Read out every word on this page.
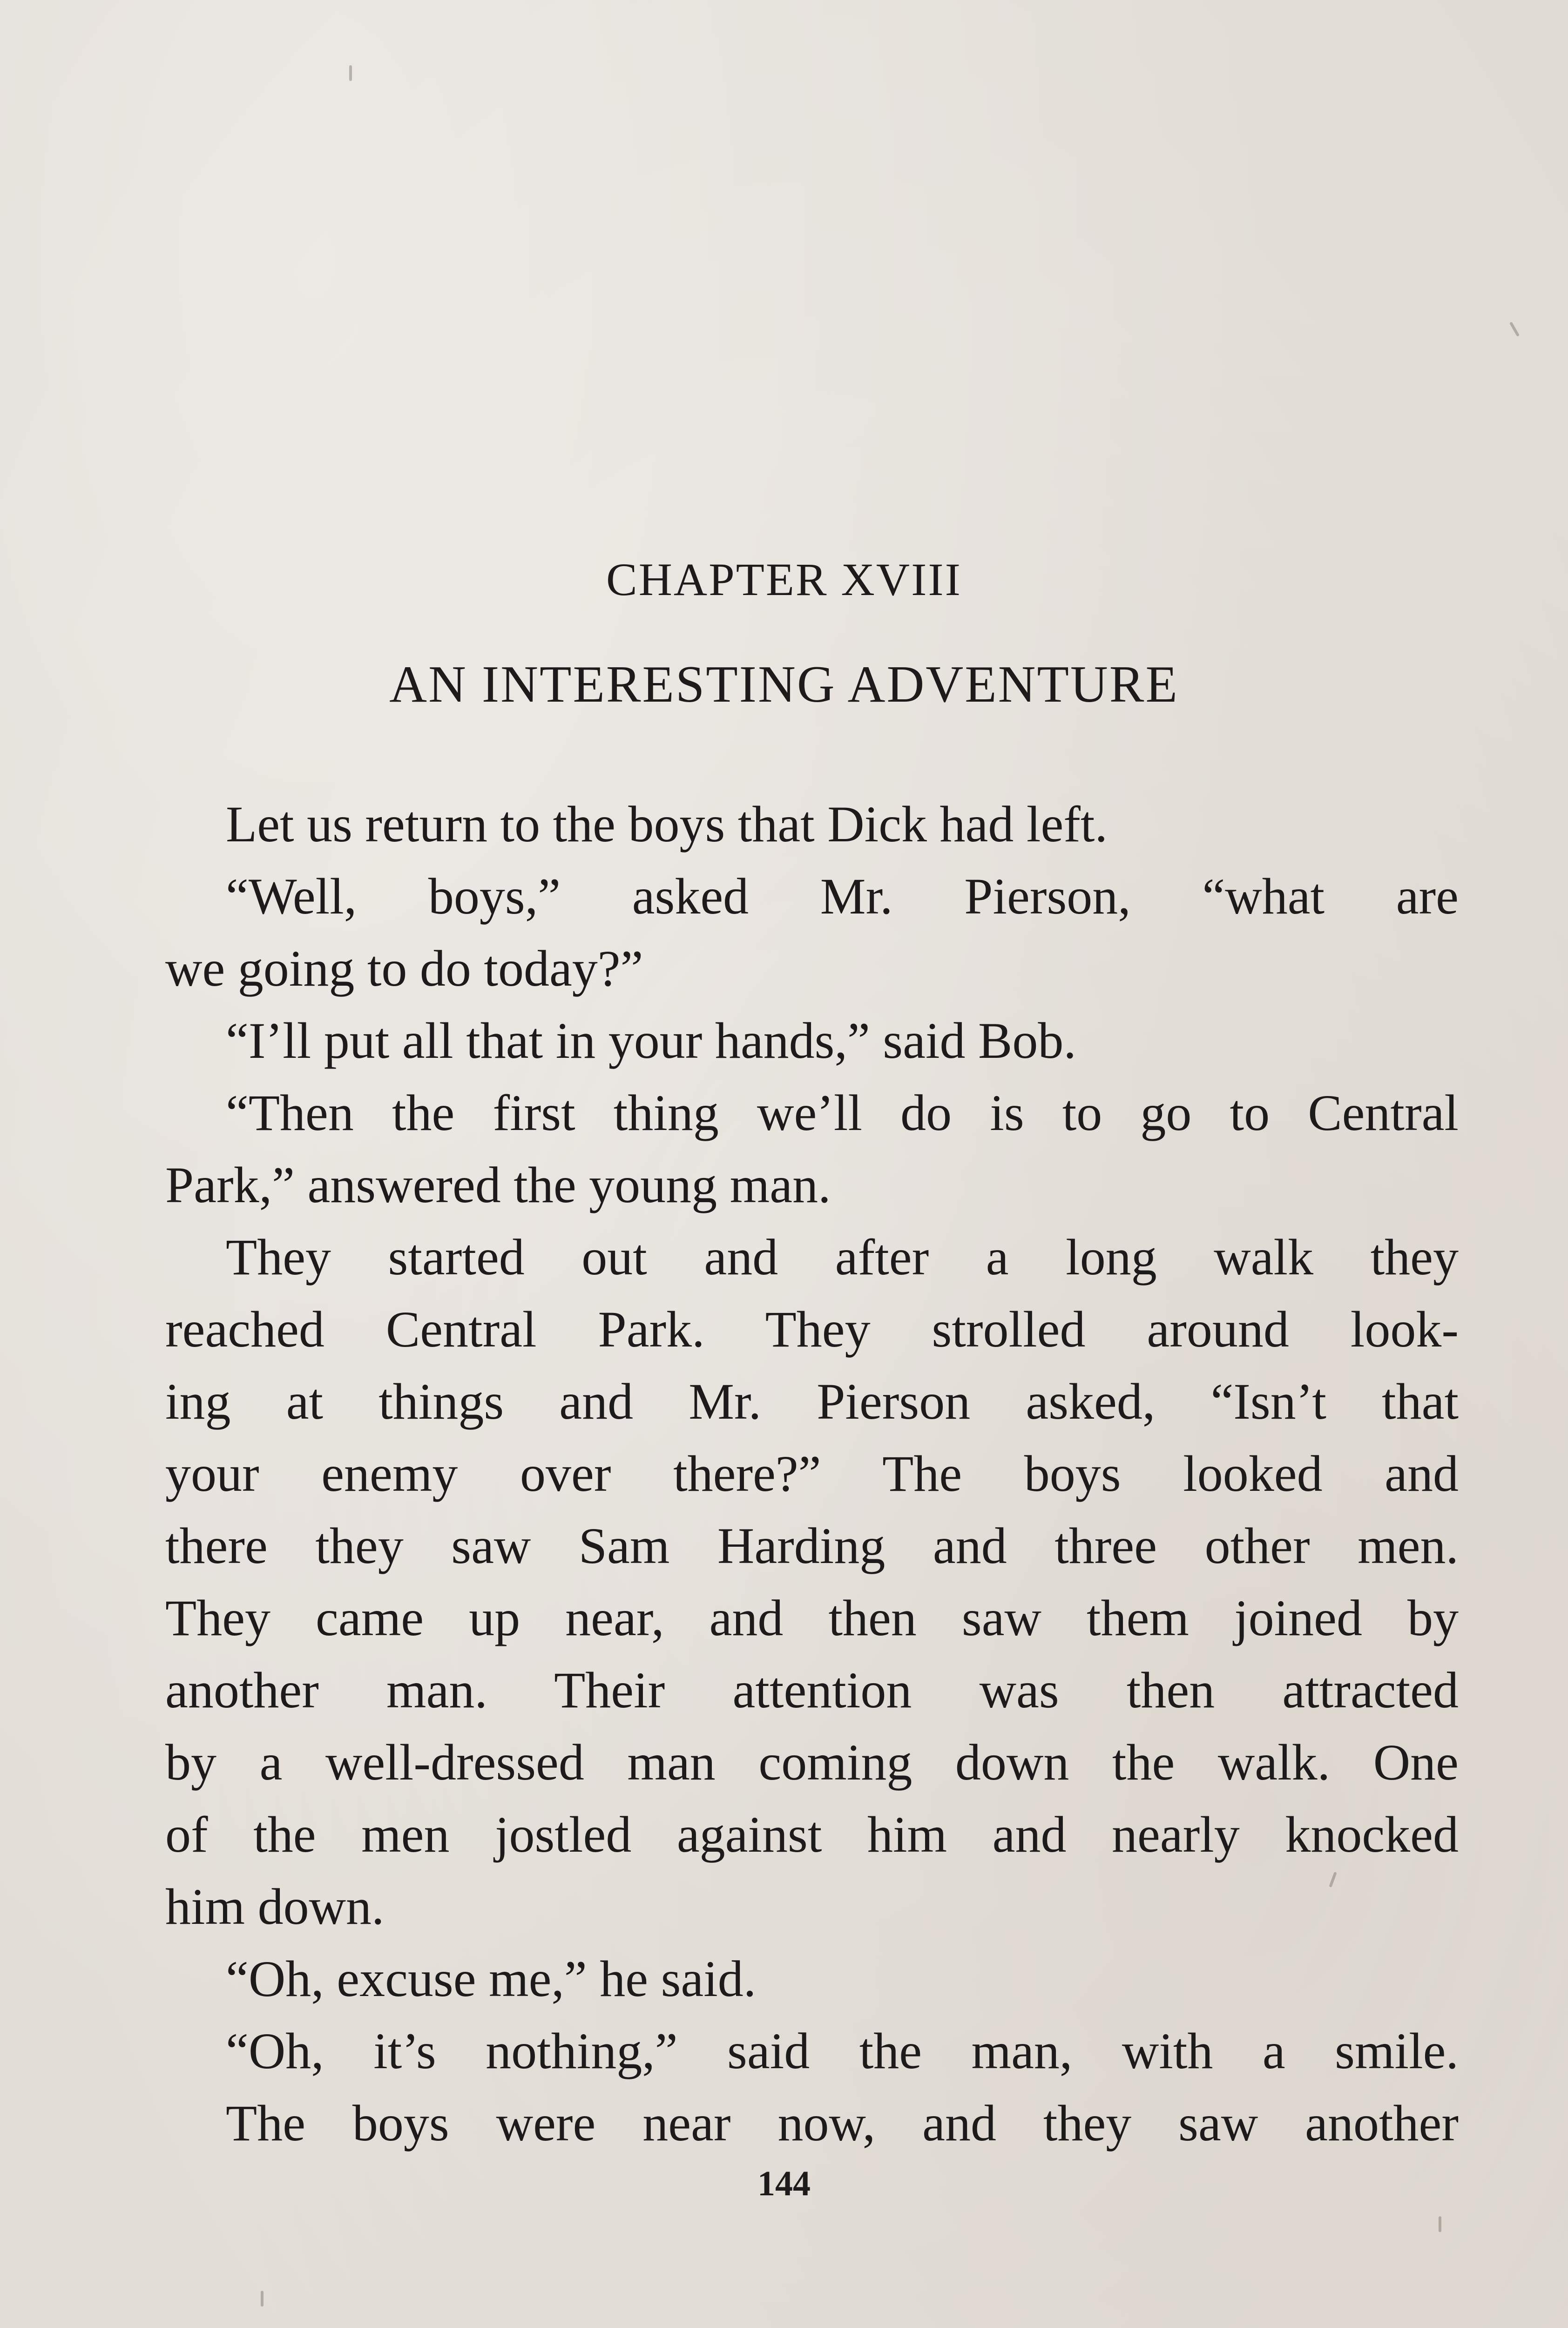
CHAPTER XVIII
AN INTERESTING ADVENTURE
Let us return to the boys that Dick had left.
“Well, boys,” asked Mr. Pierson, “what are
we going to do today?”
“I’ll put all that in your hands,” said Bob.
“Then the first thing we’ll do is to go to Central
Park,” answered the young man.
They started out and after a long walk they
reached Central Park. They strolled around look-
ing at things and Mr. Pierson asked, “Isn’t that
your enemy over there?” The boys looked and
there they saw Sam Harding and three other men.
They came up near, and then saw them joined by
another man. Their attention was then attracted
by a well-dressed man coming down the walk. One
of the men jostled against him and nearly knocked
him down.
“Oh, excuse me,” he said.
“Oh, it’s nothing,” said the man, with a smile.
The boys were near now, and they saw another

144
